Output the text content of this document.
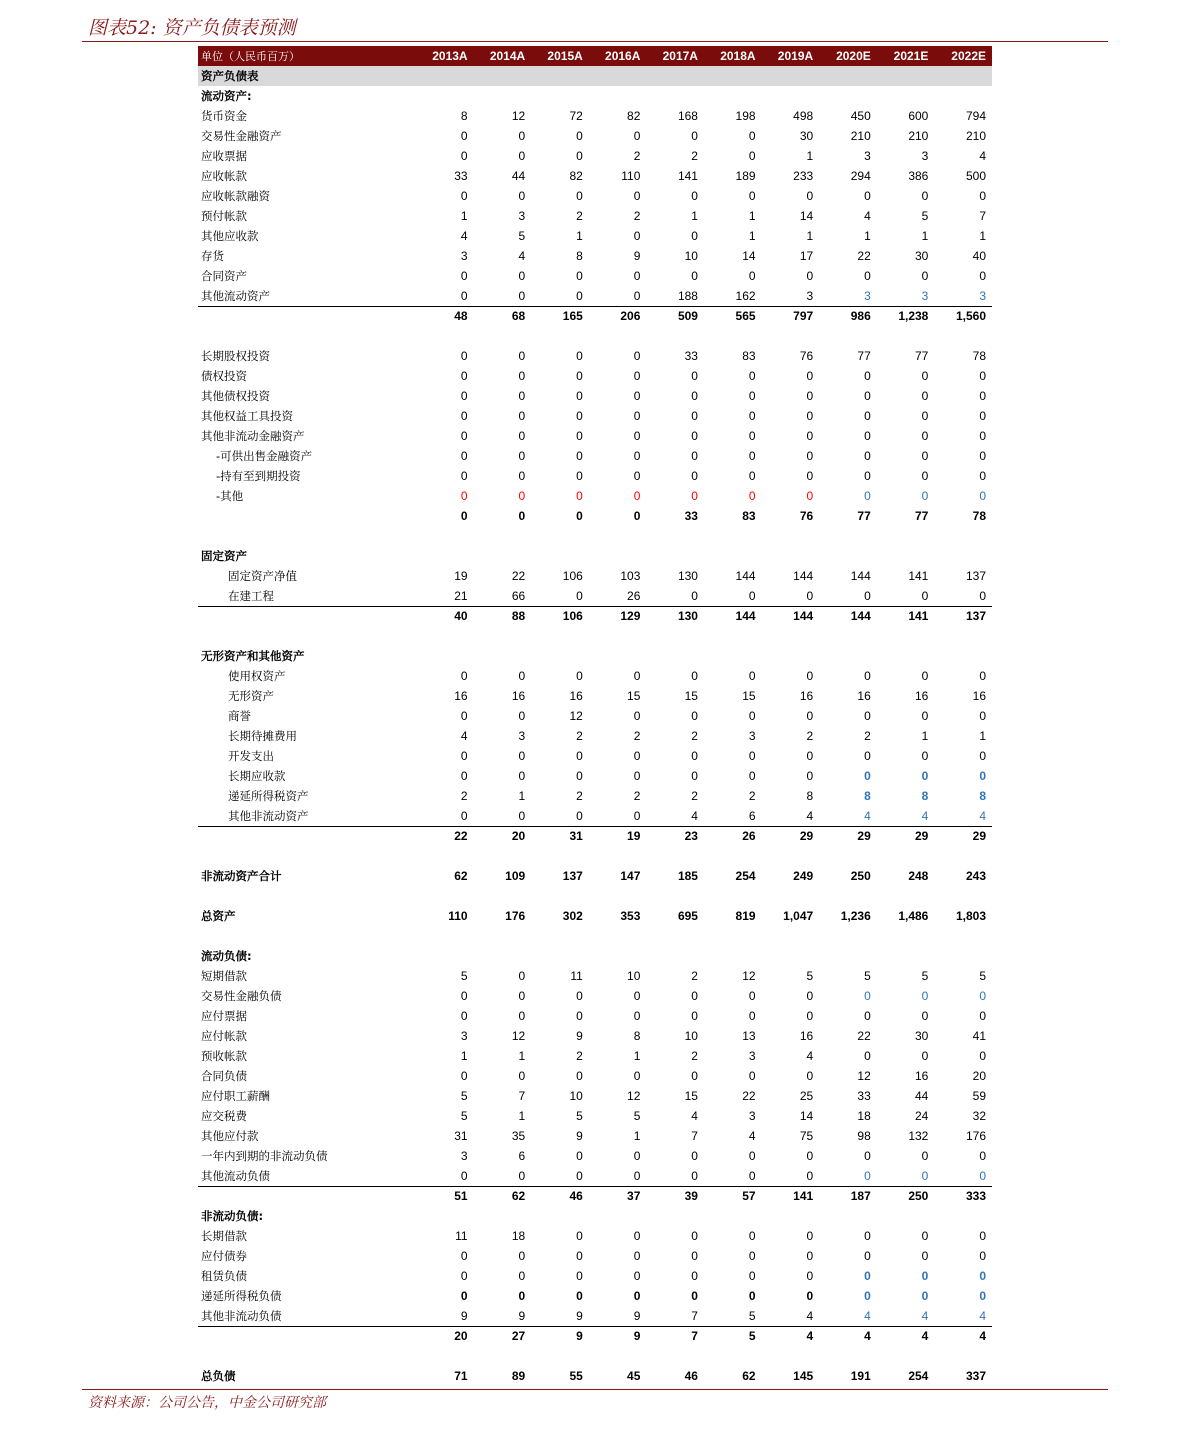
图表52: 资产负债表预测
单位（人民币百万）	2013A	2014A	2015A	2016A	2017A	2018A	2019A	2020E	2021E	2022E
资产负债表										
流动资产:										
货币资金	8	12	72	82	168	198	498	450	600	794
交易性金融资产	0	0	0	0	0	0	30	210	210	210
应收票据	0	0	0	2	2	0	1	3	3	4
应收帐款	33	44	82	110	141	189	233	294	386	500
应收帐款融资	0	0	0	0	0	0	0	0	0	0
预付帐款	1	3	2	2	1	1	14	4	5	7
其他应收款	4	5	1	0	0	1	1	1	1	1
存货	3	4	8	9	10	14	17	22	30	40
合同资产	0	0	0	0	0	0	0	0	0	0
其他流动资产	0	0	0	0	188	162	3	3	3	3
	48	68	165	206	509	565	797	986	1,238	1,560

长期股权投资	0	0	0	0	33	83	76	77	77	78
债权投资	0	0	0	0	0	0	0	0	0	0
其他债权投资	0	0	0	0	0	0	0	0	0	0
其他权益工具投资	0	0	0	0	0	0	0	0	0	0
其他非流动金融资产	0	0	0	0	0	0	0	0	0	0
-可供出售金融资产	0	0	0	0	0	0	0	0	0	0
-持有至到期投资	0	0	0	0	0	0	0	0	0	0
-其他	0	0	0	0	0	0	0	0	0	0
	0	0	0	0	33	83	76	77	77	78

固定资产										
固定资产净值	19	22	106	103	130	144	144	144	141	137
在建工程	21	66	0	26	0	0	0	0	0	0
	40	88	106	129	130	144	144	144	141	137

无形资产和其他资产										
使用权资产	0	0	0	0	0	0	0	0	0	0
无形资产	16	16	16	15	15	15	16	16	16	16
商誉	0	0	12	0	0	0	0	0	0	0
长期待摊费用	4	3	2	2	2	3	2	2	1	1
开发支出	0	0	0	0	0	0	0	0	0	0
长期应收款	0	0	0	0	0	0	0	0	0	0
递延所得税资产	2	1	2	2	2	2	8	8	8	8
其他非流动资产	0	0	0	0	4	6	4	4	4	4
	22	20	31	19	23	26	29	29	29	29

非流动资产合计	62	109	137	147	185	254	249	250	248	243

总资产	110	176	302	353	695	819	1,047	1,236	1,486	1,803

流动负债:										
短期借款	5	0	11	10	2	12	5	5	5	5
交易性金融负债	0	0	0	0	0	0	0	0	0	0
应付票据	0	0	0	0	0	0	0	0	0	0
应付帐款	3	12	9	8	10	13	16	22	30	41
预收帐款	1	1	2	1	2	3	4	0	0	0
合同负债	0	0	0	0	0	0	0	12	16	20
应付职工薪酬	5	7	10	12	15	22	25	33	44	59
应交税费	5	1	5	5	4	3	14	18	24	32
其他应付款	31	35	9	1	7	4	75	98	132	176
一年内到期的非流动负债	3	6	0	0	0	0	0	0	0	0
其他流动负债	0	0	0	0	0	0	0	0	0	0
	51	62	46	37	39	57	141	187	250	333
非流动负债:										
长期借款	11	18	0	0	0	0	0	0	0	0
应付债券	0	0	0	0	0	0	0	0	0	0
租赁负债	0	0	0	0	0	0	0	0	0	0
递延所得税负债	0	0	0	0	0	0	0	0	0	0
其他非流动负债	9	9	9	9	7	5	4	4	4	4
	20	27	9	9	7	5	4	4	4	4

总负债	71	89	55	45	46	62	145	191	254	337
资料来源：公司公告，中金公司研究部
